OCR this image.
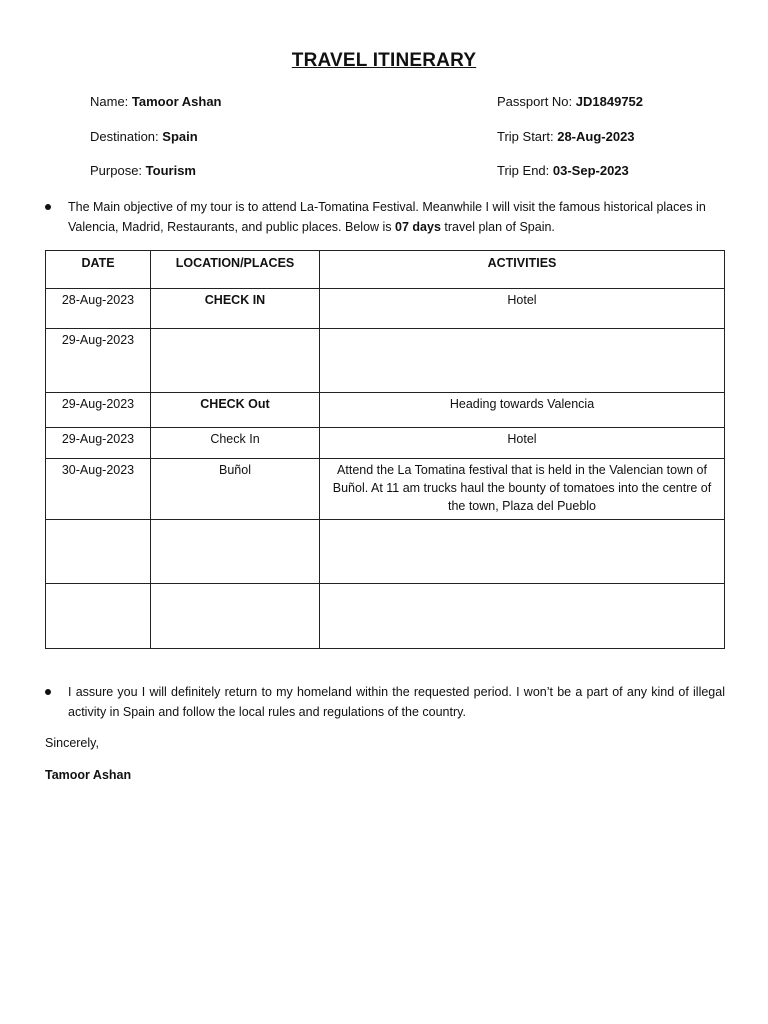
TRAVEL ITINERARY
Name: Tamoor Ashan
Destination: Spain
Purpose: Tourism
Passport No: JD1849752
Trip Start: 28-Aug-2023
Trip End: 03-Sep-2023
The Main objective of my tour is to attend La-Tomatina Festival. Meanwhile I will visit the famous historical places in Valencia, Madrid, Restaurants, and public places. Below is 07 days travel plan of Spain.
DATE	LOCATION/PLACES	ACTIVITIES
28-Aug-2023	CHECK IN	Hotel
29-Aug-2023		
29-Aug-2023	CHECK Out	Heading towards Valencia
29-Aug-2023	Check In	Hotel
30-Aug-2023	Buñol	Attend the La Tomatina festival that is held in the Valencian town of Buñol. At 11 am trucks haul the bounty of tomatoes into the centre of the town, Plaza del Pueblo

I assure you I will definitely return to my homeland within the requested period. I won’t be a part of any kind of illegal activity in Spain and follow the local rules and regulations of the country.
Sincerely,
Tamoor Ashan
